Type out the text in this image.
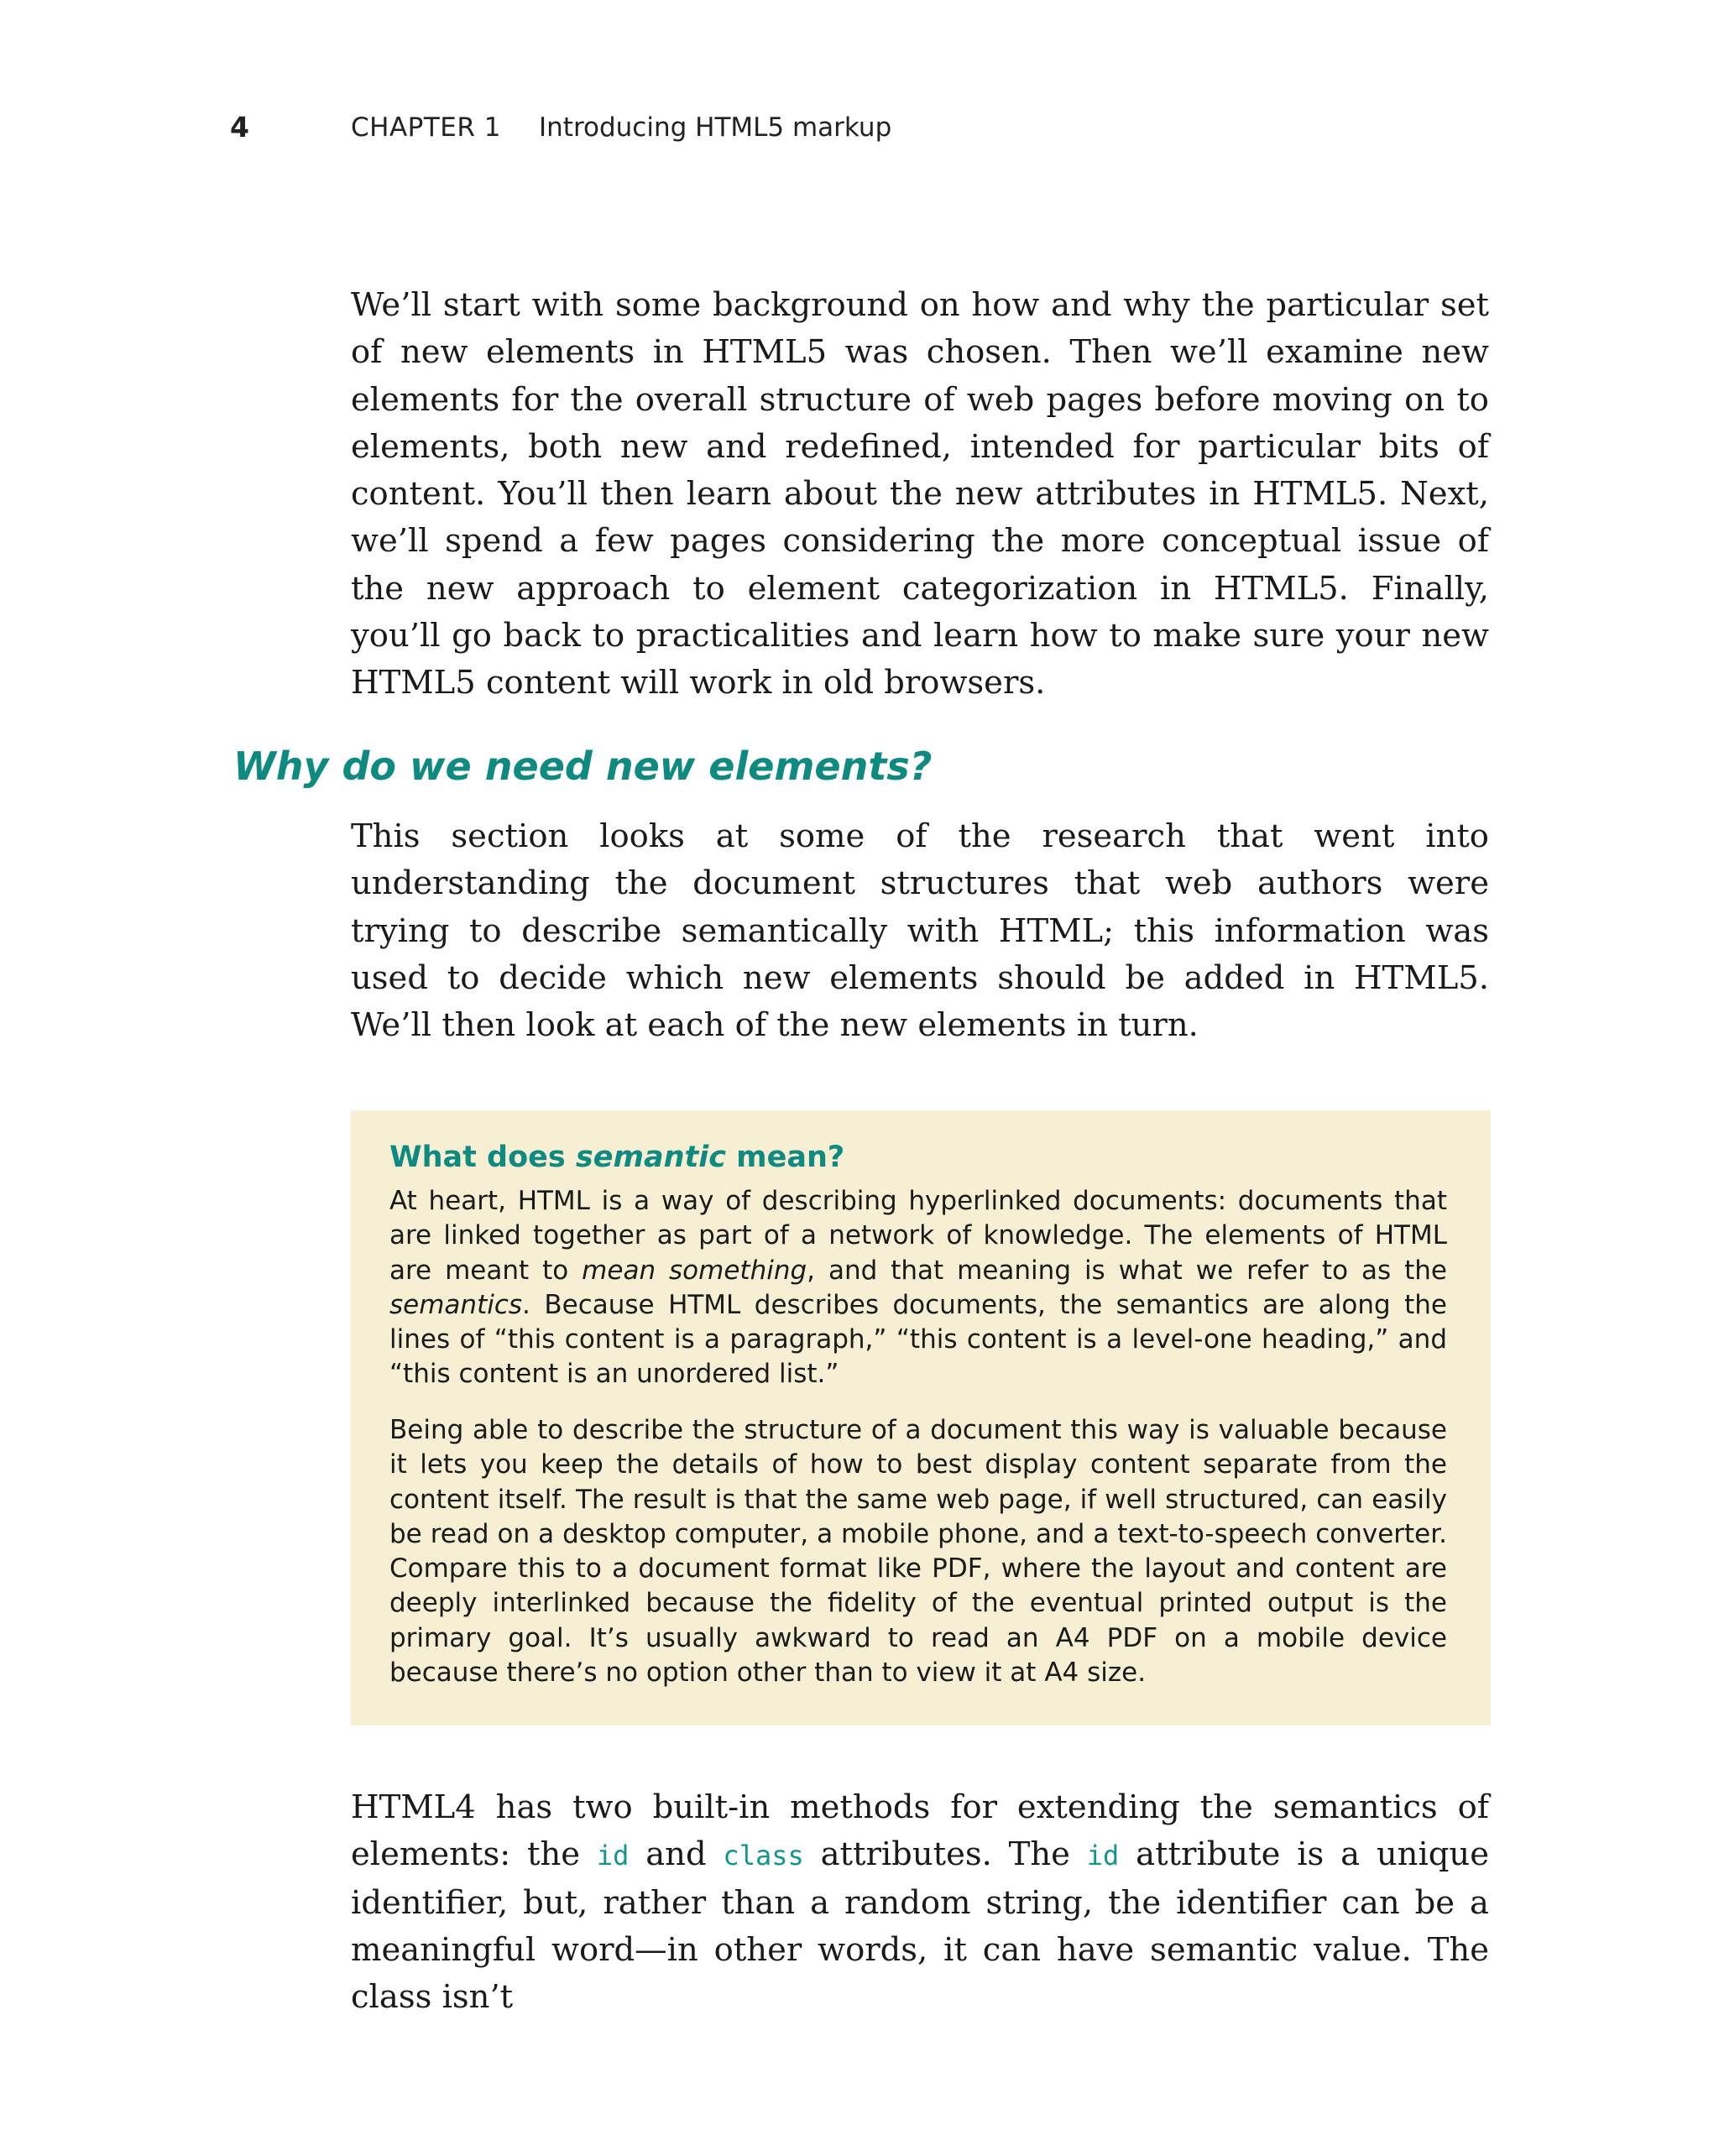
4	CHAPTER 1 Introducing HTML5 markup

We’ll start with some background on how and why the particular set of new elements in HTML5 was chosen. Then we’ll examine new elements for the overall structure of web pages before moving on to elements, both new and redefined, intended for particular bits of content. You’ll then learn about the new attributes in HTML5. Next, we’ll spend a few pages considering the more conceptual issue of the new approach to element categorization in HTML5. Finally, you’ll go back to practicalities and learn how to make sure your new HTML5 content will work in old browsers.

Why do we need new elements?

This section looks at some of the research that went into understanding the document structures that web authors were trying to describe semantically with HTML; this information was used to decide which new elements should be added in HTML5. We’ll then look at each of the new elements in turn.

What does semantic mean?

At heart, HTML is a way of describing hyperlinked documents: documents that are linked together as part of a network of knowledge. The elements of HTML are meant to mean something, and that meaning is what we refer to as the semantics. Because HTML describes documents, the semantics are along the lines of “this content is a paragraph,” “this content is a level-one heading,” and “this content is an unordered list.”

Being able to describe the structure of a document this way is valuable because it lets you keep the details of how to best display content separate from the content itself. The result is that the same web page, if well structured, can easily be read on a desktop computer, a mobile phone, and a text-to-speech converter. Compare this to a document format like PDF, where the layout and content are deeply interlinked because the fidelity of the eventual printed output is the primary goal. It’s usually awkward to read an A4 PDF on a mobile device because there’s no option other than to view it at A4 size.

HTML4 has two built-in methods for extending the semantics of elements: the id and class attributes. The id attribute is a unique identifier, but, rather than a random string, the identifier can be a meaningful word—in other words, it can have semantic value. The class isn’t
